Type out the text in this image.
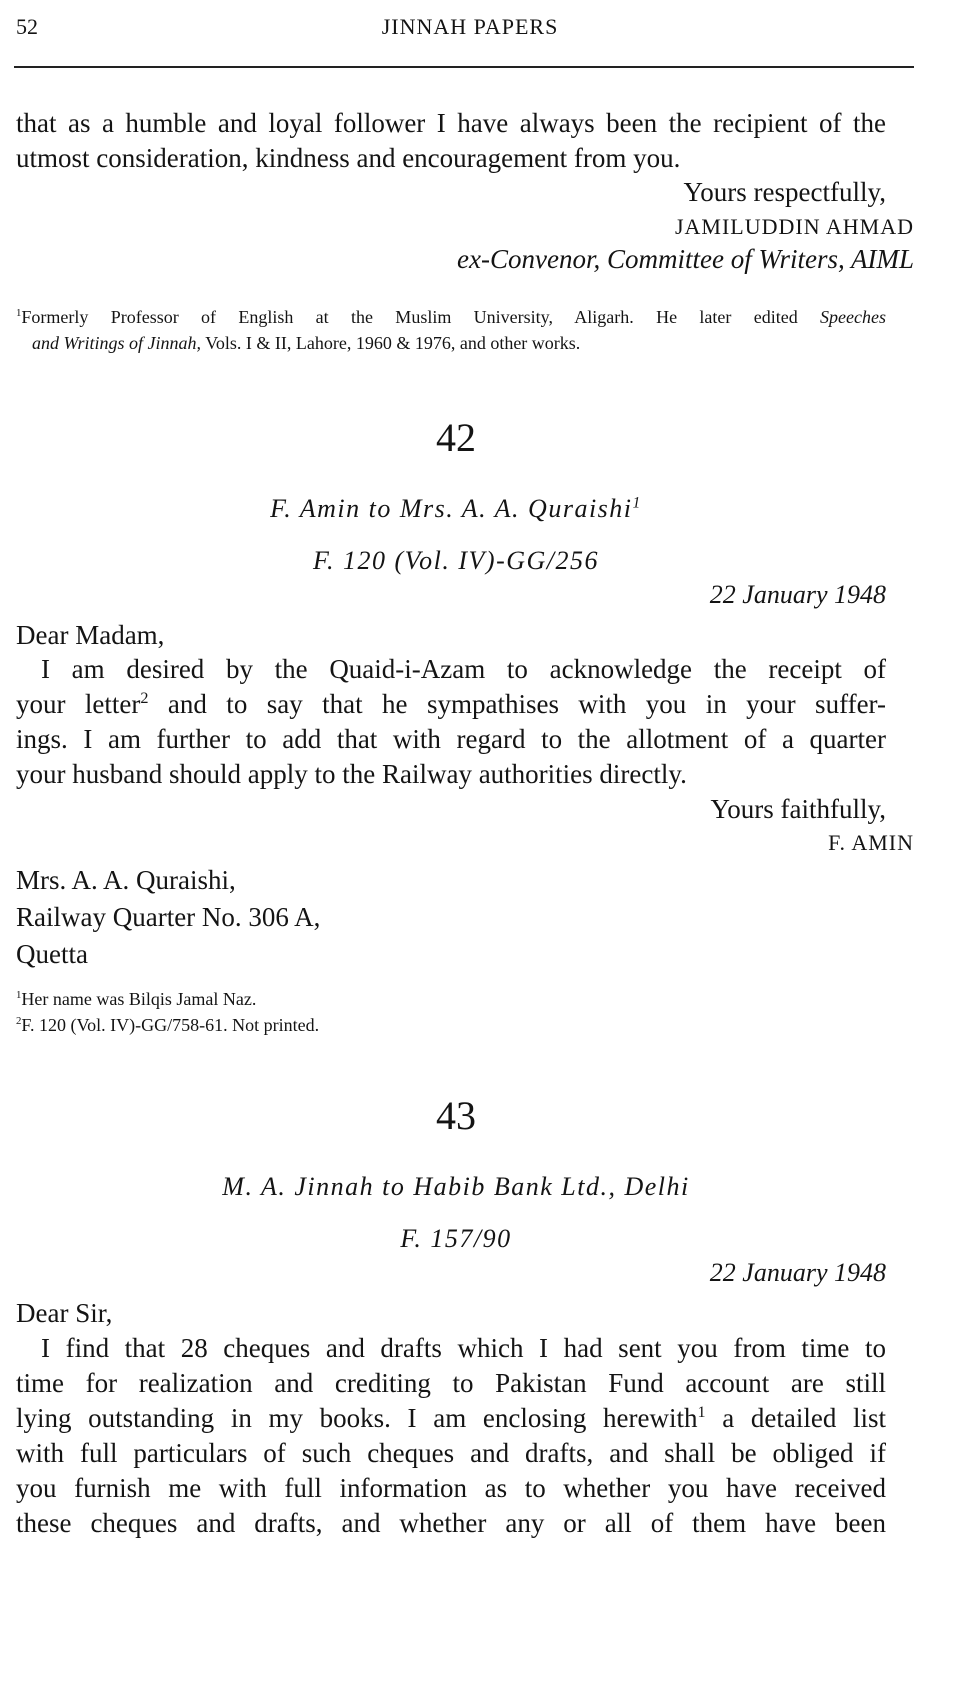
52	JINNAH PAPERS

that as a humble and loyal follower I have always been the recipient of the

utmost consideration, kindness and encouragement from you.

Yours respectfully,
JAMILUDDIN AHMAD
ex-Convenor, Committee of Writers, AIML
$^1$Formerly Professor of English at the Muslim University, Aligarh. He later edited Speeches
and Writings of Jinnah, Vols. I & II, Lahore, 1960 & 1976, and other works.
42
F. Amin to Mrs. A. A. Quraishi$^1$
F. 120 (Vol. IV)-GG/256
22 January 1948

Dear Madam,

I am desired by the Quaid-i-Azam to acknowledge the receipt of

your letter$^2$ and to say that he sympathises with you in your suffer-

ings. I am further to add that with regard to the allotment of a quarter

your husband should apply to the Railway authorities directly.

Yours faithfully,
F. AMIN
Mrs. A. A. Quraishi,
Railway Quarter No. 306 A,
Quetta
$^1$Her name was Bilqis Jamal Naz.
$^2$F. 120 (Vol. IV)-GG/758-61. Not printed.
43
M. A. Jinnah to Habib Bank Ltd., Delhi
F. 157/90
22 January 1948

Dear Sir,

I find that 28 cheques and drafts which I had sent you from time to

time for realization and crediting to Pakistan Fund account are still

lying outstanding in my books. I am enclosing herewith$^1$ a detailed list

with full particulars of such cheques and drafts, and shall be obliged if

you furnish me with full information as to whether you have received

these cheques and drafts, and whether any or all of them have been
